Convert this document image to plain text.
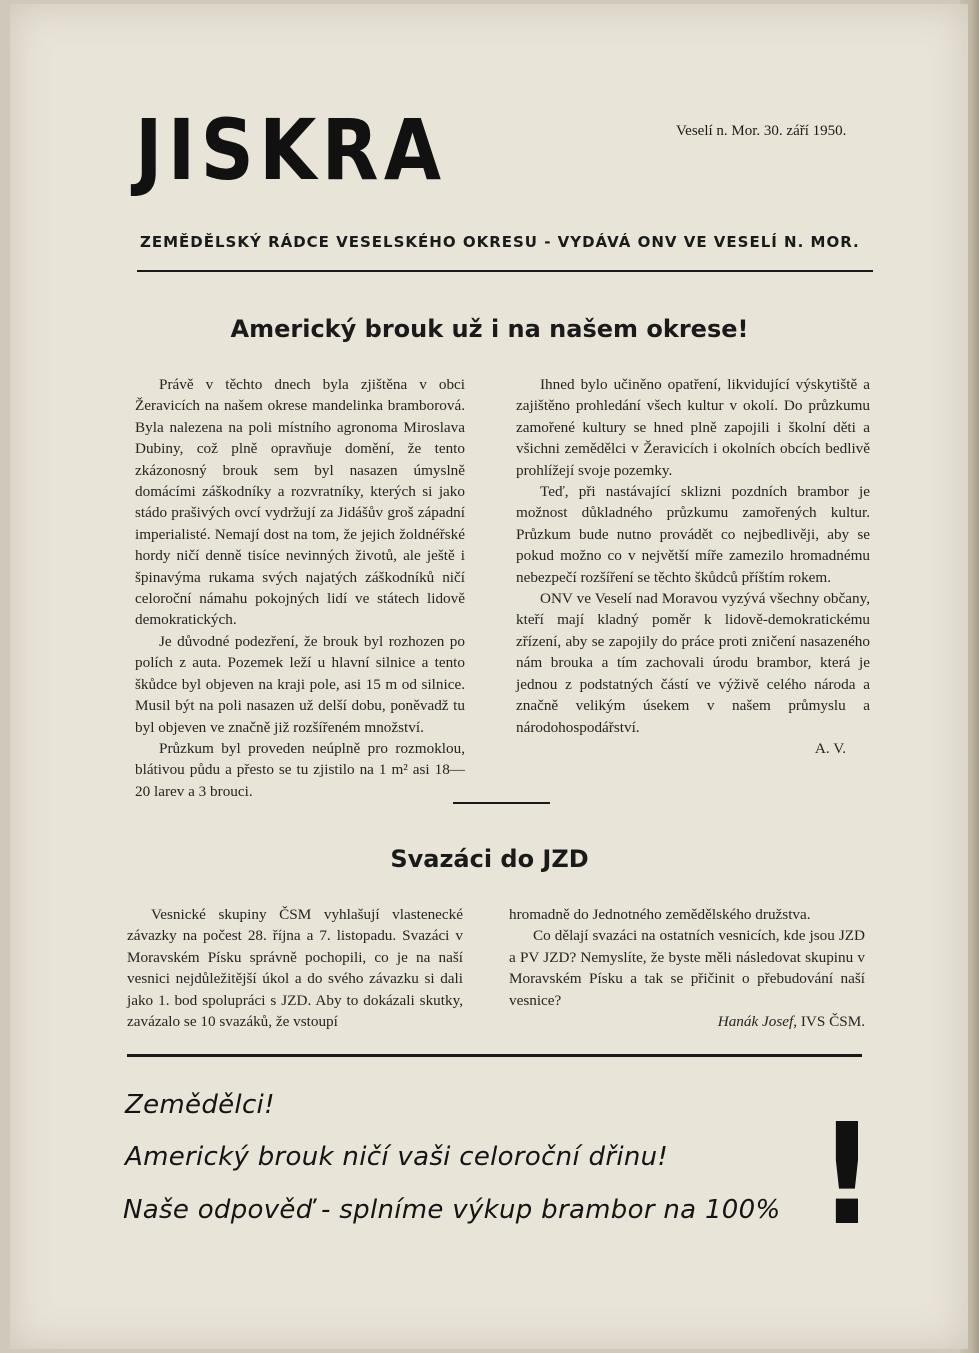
JISKRA	Veselí n. Mor. 30. září 1950.
ZEMĚDĚLSKÝ RÁDCE VESELSKÉHO OKRESU - VYDÁVÁ ONV VE VESELÍ N. MOR.
Americký brouk už i na našem okrese!

Právě v těchto dnech byla zjištěna v obci Žeravicích na našem okrese mandelinka bramborová. Byla nalezena na poli místního agronoma Miroslava Dubiny, což plně opravňuje domění, že tento zkázonosný brouk sem byl nasazen úmyslně domácími záškodníky a rozvratníky, kterých si jako stádo prašivých ovcí vydržují za Jidášův groš západní imperialisté. Nemají dost na tom, že jejich žoldnéřské hordy ničí denně tisíce nevinných životů, ale ještě i špinavýma rukama svých najatých záškodníků ničí celoroční námahu pokojných lidí ve státech lidově demokratických.

Je důvodné podezření, že brouk byl rozhozen po polích z auta. Pozemek leží u hlavní silnice a tento škůdce byl objeven na kraji pole, asi 15 m od silnice. Musil být na poli nasazen už delší dobu, poněvadž tu byl objeven ve značně již rozšířeném množství.

Průzkum byl proveden neúplně pro rozmoklou, blátivou půdu a přesto se tu zjistilo na 1 m² asi 18—20 larev a 3 brouci.

Ihned bylo učiněno opatření, likvidující výskytiště a zajištěno prohledání všech kultur v okolí. Do průzkumu zamořené kultury se hned plně zapojili i školní děti a všichni zemědělci v Žeravicích i okolních obcích bedlivě prohlížejí svoje pozemky.

Teď, při nastávající sklizni pozdních brambor je možnost důkladného průzkumu zamořených kultur. Průzkum bude nutno provádět co nejbedlivěji, aby se pokud možno co v největší míře zamezilo hromadnému nebezpečí rozšíření se těchto škůdců příštím rokem.

ONV ve Veselí nad Moravou vyzývá všechny občany, kteří mají kladný poměr k lidově-demokratickému zřízení, aby se zapojily do práce proti zničení nasazeného nám brouka a tím zachovali úrodu brambor, která je jednou z podstatných částí ve výživě celého národa a značně velikým úsekem v našem průmyslu a národohospodářství.

A. V.
Svazáci do JZD

Vesnické skupiny ČSM vyhlašují vlastenecké závazky na počest 28. října a 7. listopadu. Svazáci v Moravském Písku správně pochopili, co je na naší vesnici nejdůležitější úkol a do svého závazku si dali jako 1. bod spolupráci s JZD. Aby to dokázali skutky, zavázalo se 10 svazáků, že vstoupí

hromadně do Jednotného zemědělského družstva.

Co dělají svazáci na ostatních vesnicích, kde jsou JZD a PV JZD? Nemyslíte, že byste měli následovat skupinu v Moravském Písku a tak se přičinit o přebudování naší vesnice?

Hanák Josef, IVS ČSM.
Zemědělci!
Americký brouk ničí vaši celoroční dřinu!
Naše odpověď - splníme výkup brambor na 100% !
